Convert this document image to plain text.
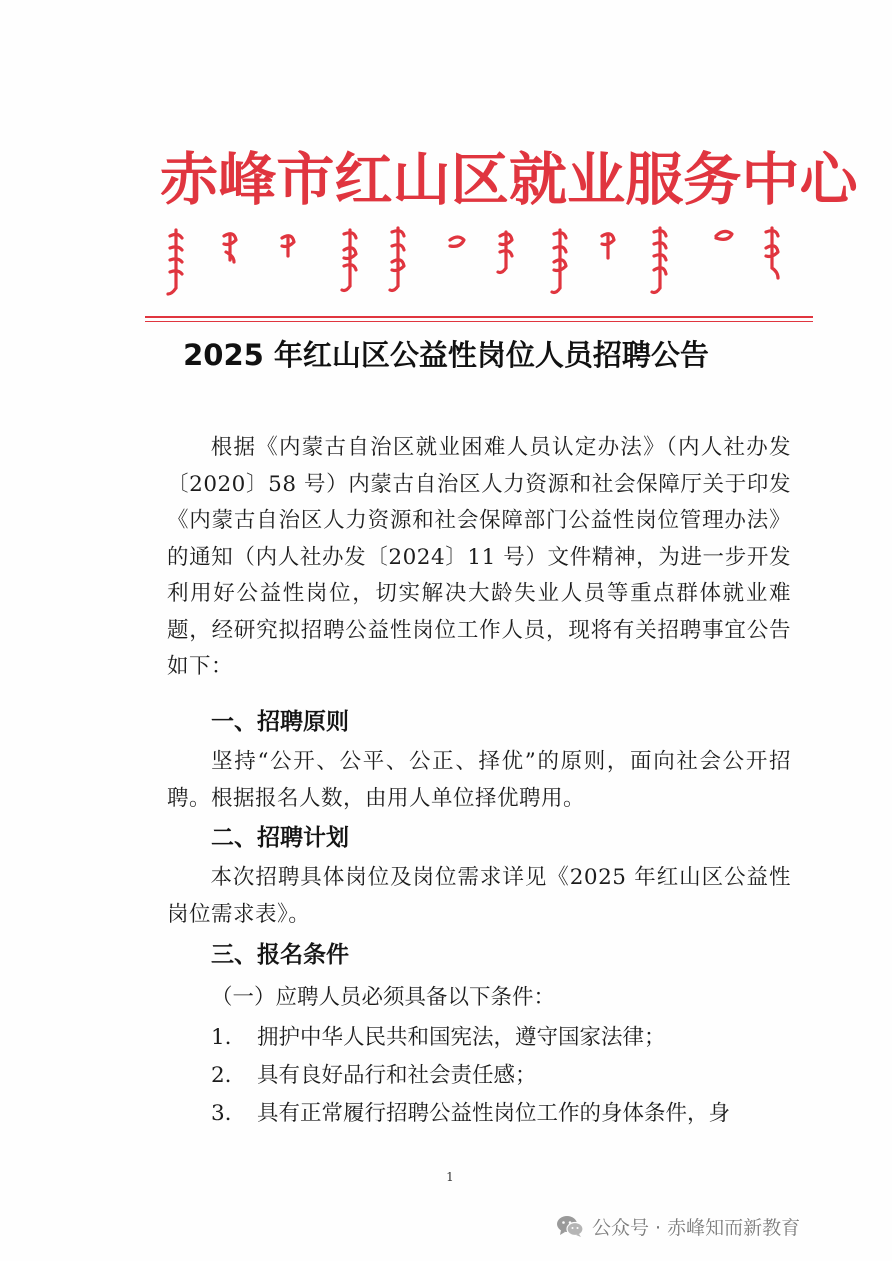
赤峰市红山区就业服务中心
2025 年红山区公益性岗位人员招聘公告
根据《内蒙古自治区就业困难人员认定办法》（内人社办发〔2020〕58 号）内蒙古自治区人力资源和社会保障厅关于印发《内蒙古自治区人力资源和社会保障部门公益性岗位管理办法》的通知（内人社办发〔2024〕11 号）文件精神，为进一步开发利用好公益性岗位，切实解决大龄失业人员等重点群体就业难题，经研究拟招聘公益性岗位工作人员，现将有关招聘事宜公告如下：
一、招聘原则
坚持“公开、公平、公正、择优”的原则，面向社会公开招聘。根据报名人数，由用人单位择优聘用。
二、招聘计划
本次招聘具体岗位及岗位需求详见《2025 年红山区公益性岗位需求表》。
三、报名条件
（一）应聘人员必须具备以下条件：
1. 拥护中华人民共和国宪法，遵守国家法律；
2. 具有良好品行和社会责任感；
3. 具有正常履行招聘公益性岗位工作的身体条件，身
1
公众号 · 赤峰知而新教育
